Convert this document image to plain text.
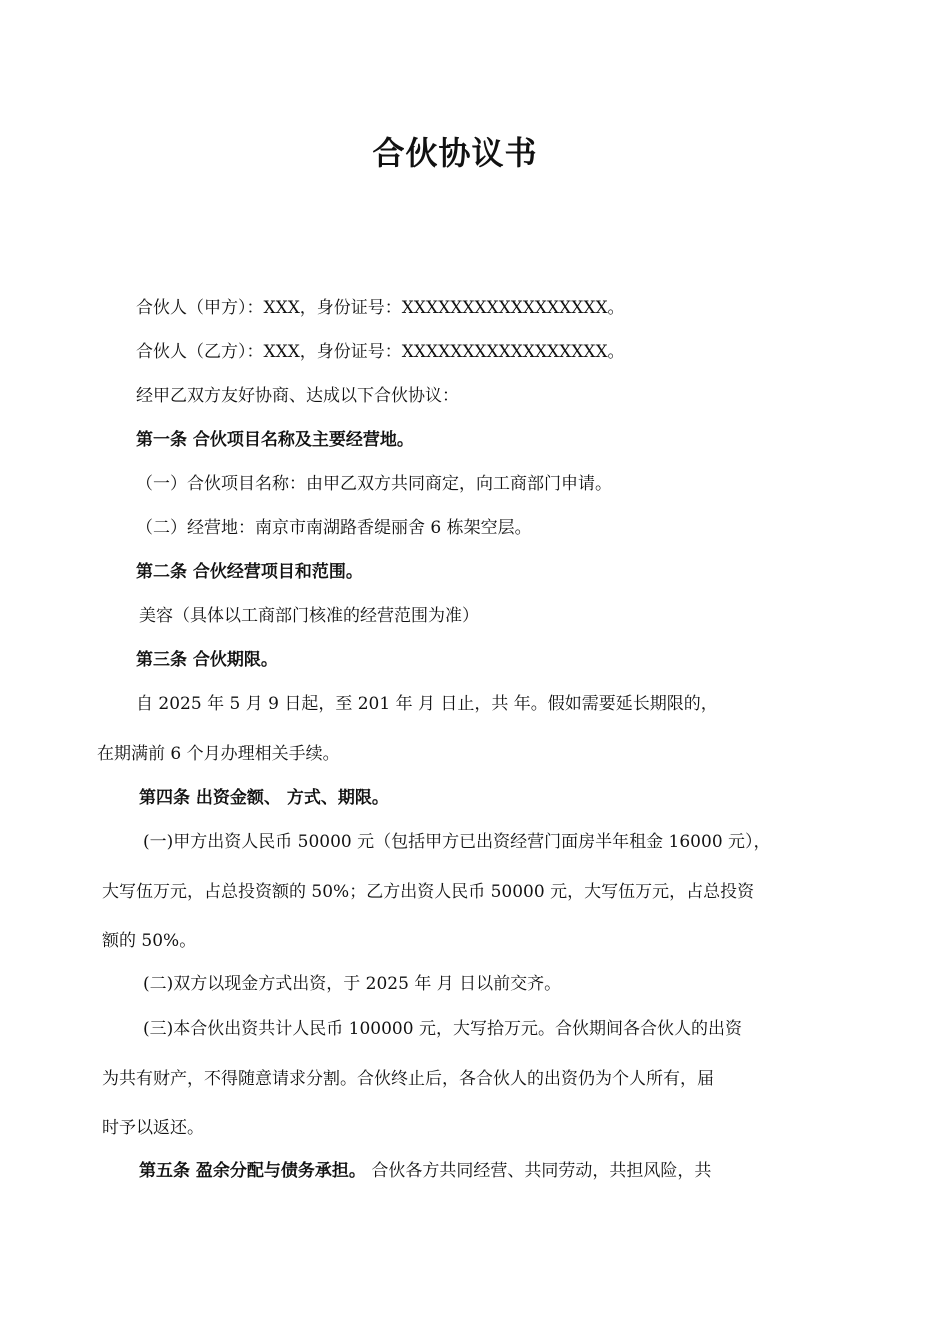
合伙协议书
合伙人（甲方）：XXX，身份证号：XXXXXXXXXXXXXXXXX。
合伙人（乙方）：XXX，身份证号：XXXXXXXXXXXXXXXXX。
经甲乙双方友好协商、达成以下合伙协议：
第一条 合伙项目名称及主要经营地。
（一）合伙项目名称：由甲乙双方共同商定，向工商部门申请。
（二）经营地：南京市南湖路香缇丽舍 6 栋架空层。
第二条 合伙经营项目和范围。
美容（具体以工商部门核准的经营范围为准）
第三条 合伙期限。
自 2025 年 5 月 9 日起，至 201 年 月 日止，共 年。假如需要延长期限的，
在期满前 6 个月办理相关手续。
第四条 出资金额、 方式、期限。
(一)甲方出资人民币 50000 元（包括甲方已出资经营门面房半年租金 16000 元），
大写伍万元，占总投资额的 50%；乙方出资人民币 50000 元，大写伍万元，占总投资
额的 50%。
(二)双方以现金方式出资，于 2025 年 月 日以前交齐。
(三)本合伙出资共计人民币 100000 元，大写拾万元。合伙期间各合伙人的出资
为共有财产，不得随意请求分割。合伙终止后，各合伙人的出资仍为个人所有，届
时予以返还。
第五条 盈余分配与债务承担。 合伙各方共同经营、共同劳动，共担风险，共
